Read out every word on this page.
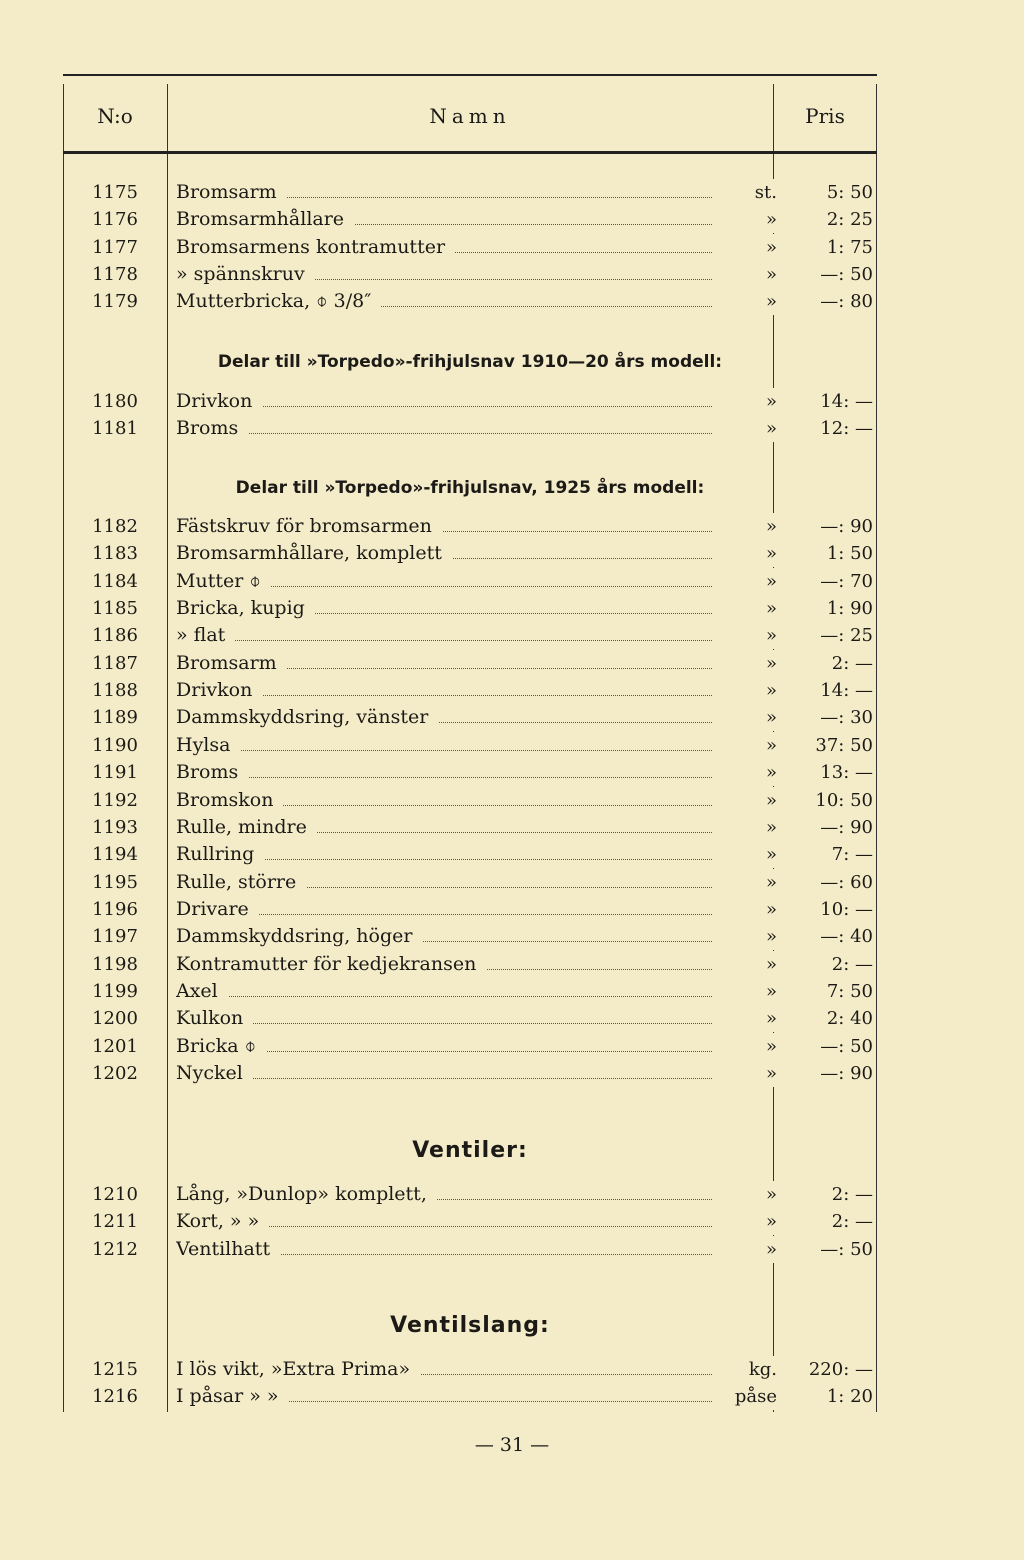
N:o	Namn	Pris
1175	Bromsarm	st.	5: 50
1176	Bromsarmhållare	»	2: 25
1177	Bromsarmens kontramutter	»	1: 75
1178	» spännskruv	»	—: 50
1179	Mutterbricka, ⌽ 3/8″	»	—: 80
Delar till »Torpedo»-frihjulsnav 1910—20 års modell:
1180	Drivkon	»	14: —
1181	Broms	»	12: —
Delar till »Torpedo»-frihjulsnav, 1925 års modell:
1182	Fästskruv för bromsarmen	»	—: 90
1183	Bromsarmhållare, komplett	»	1: 50
1184	Mutter ⌽	»	—: 70
1185	Bricka, kupig	»	1: 90
1186	» flat	»	—: 25
1187	Bromsarm	»	2: —
1188	Drivkon	»	14: —
1189	Dammskyddsring, vänster	»	—: 30
1190	Hylsa	»	37: 50
1191	Broms	»	13: —
1192	Bromskon	»	10: 50
1193	Rulle, mindre	»	—: 90
1194	Rullring	»	7: —
1195	Rulle, större	»	—: 60
1196	Drivare	»	10: —
1197	Dammskyddsring, höger	»	—: 40
1198	Kontramutter för kedjekransen	»	2: —
1199	Axel	»	7: 50
1200	Kulkon	»	2: 40
1201	Bricka ⌽	»	—: 50
1202	Nyckel	»	—: 90
Ventiler:
1210	Lång, »Dunlop» komplett,	»	2: —
1211	Kort, » »	»	2: —
1212	Ventilhatt	»	—: 50
Ventilslang:
1215	I lös vikt, »Extra Prima»	kg.	220: —
1216	I påsar » »	påse	1: 20
— 31 —
